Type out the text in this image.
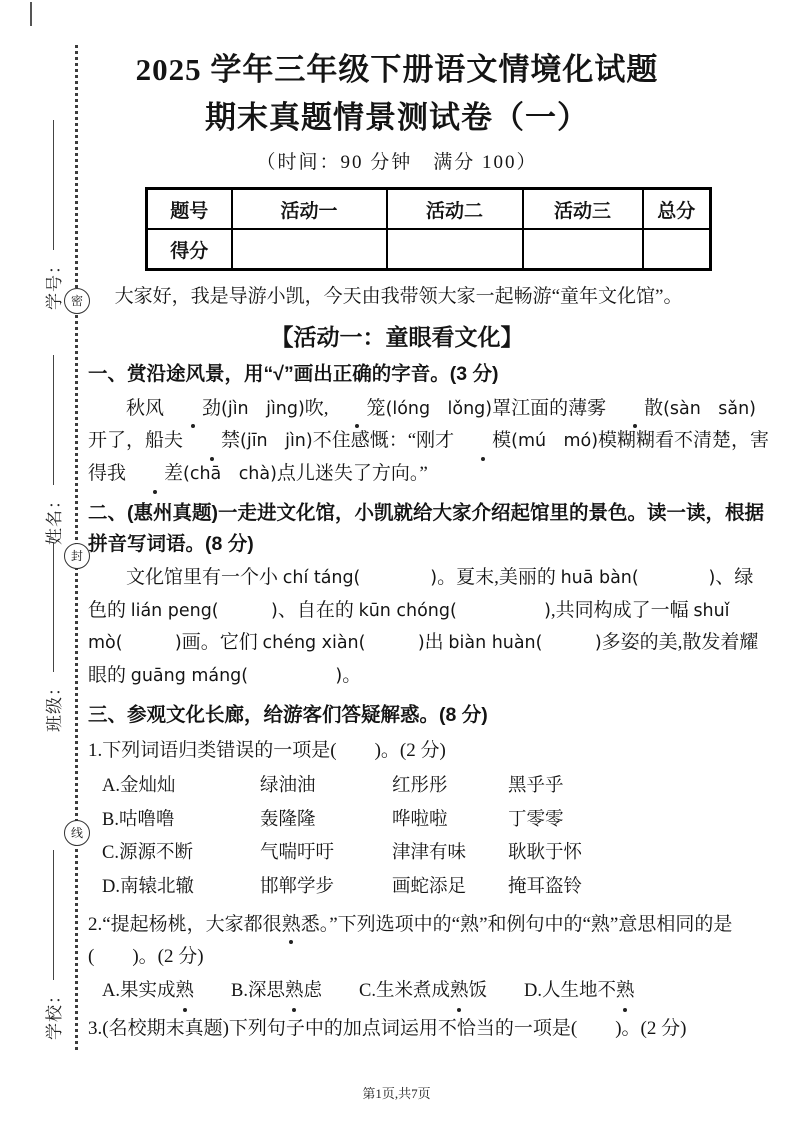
密
封
线
学号：
姓名：
班级：
学校：
2025 学年三年级下册语文情境化试题
期末真题情景测试卷（一）
（时间：90 分钟　满分 100）
题号	活动一	活动二	活动三	总分
得分				
大家好，我是导游小凯，今天由我带领大家一起畅游“童年文化馆”。
【活动一：童眼看文化】
一、赏沿途风景，用“√”画出正确的字音。(3 分)
秋风 劲(jìn　jìng)吹, 笼(lóng　lǒng)罩江面的薄雾 散(sàn　sǎn)开了，船夫 禁(jīn　jìn)不住感慨：“刚才 模(mú　mó)模糊糊看不清楚，害得我 差(chā　chà)点儿迷失了方向。”
二、(惠州真题)一走进文化馆，小凯就给大家介绍起馆里的景色。读一读，根据拼音写词语。(8 分)
文化馆里有一个小 chí táng(　　　　)。夏末,美丽的 huā bàn(　　　　)、绿色的 lián peng(　　　)、自在的 kūn chóng(　　　　　),共同构成了一幅 shuǐ mò(　　　)画。它们 chéng xiàn(　　　)出 biàn huàn(　　　)多姿的美,散发着耀眼的 guāng máng(　　　　　)。
三、参观文化长廊，给游客们答疑解惑。(8 分)
1.下列词语归类错误的一项是(　　)。(2 分)
A.金灿灿	绿油油	红彤彤	黑乎乎
B.咕噜噜	轰隆隆	哗啦啦	丁零零
C.源源不断	气喘吁吁	津津有味	耿耿于怀
D.南辕北辙	邯郸学步	画蛇添足	掩耳盗铃
2.“提起杨桃，大家都很熟悉。”下列选项中的“熟”和例句中的“熟”意思相同的是(　　)。(2 分)
A.果实成熟　　B.深思熟虑　　C.生米煮成熟饭　　D.人生地不熟
3.(名校期末真题)下列句子中的加点词运用不恰当的一项是(　　)。(2 分)
第1页,共7页
